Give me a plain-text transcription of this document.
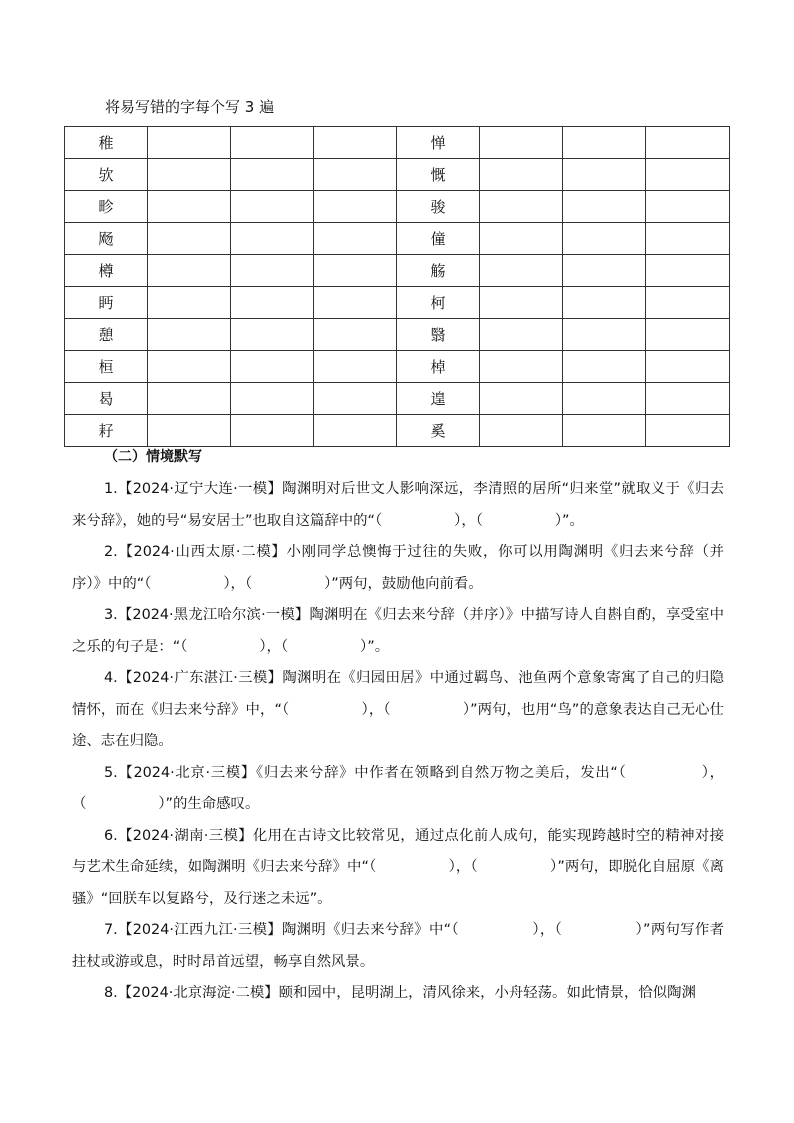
将易写错的字每个写 3 遍
稚				惮			
欤				慨			
畛				骏			
飏				僮			
樽				觞			
眄				柯			
憩				翳			
桓				棹			
曷				遑			
耔				奚			
（二）情境默写

1.【2024·辽宁大连·一模】陶渊明对后世文人影响深远，李清照的居所“归来堂”就取义于《归去来兮辞》，她的号“易安居士”也取自这篇辞中的“（　　　　　），（　　　　　）”。

2.【2024·山西太原·二模】小刚同学总懊悔于过往的失败，你可以用陶渊明《归去来兮辞（并序）》中的“（　　　　　），（　　　　　）”两句，鼓励他向前看。

3.【2024·黑龙江哈尔滨·一模】陶渊明在《归去来兮辞（并序）》中描写诗人自斟自酌，享受室中之乐的句子是：“（　　　　　），（　　　　　）”。

4.【2024·广东湛江·三模】陶渊明在《归园田居》中通过羁鸟、池鱼两个意象寄寓了自己的归隐情怀，而在《归去来兮辞》中，“（　　　　　），（　　　　　）”两句，也用“鸟”的意象表达自己无心仕途、志在归隐。

5.【2024·北京·三模】《归去来兮辞》中作者在领略到自然万物之美后，发出“（　　　　　），（　　　　　）”的生命感叹。

6.【2024·湖南·三模】化用在古诗文比较常见，通过点化前人成句，能实现跨越时空的精神对接与艺术生命延续，如陶渊明《归去来兮辞》中“（　　　　　），（　　　　　）”两句，即脱化自屈原《离骚》“回朕车以复路兮，及行迷之未远”。

7.【2024·江西九江·三模】陶渊明《归去来兮辞》中“（　　　　　），（　　　　　）”两句写作者拄杖或游或息，时时昂首远望，畅享自然风景。

8.【2024·北京海淀·二模】颐和园中，昆明湖上，清风徐来，小舟轻荡。如此情景，恰似陶渊
